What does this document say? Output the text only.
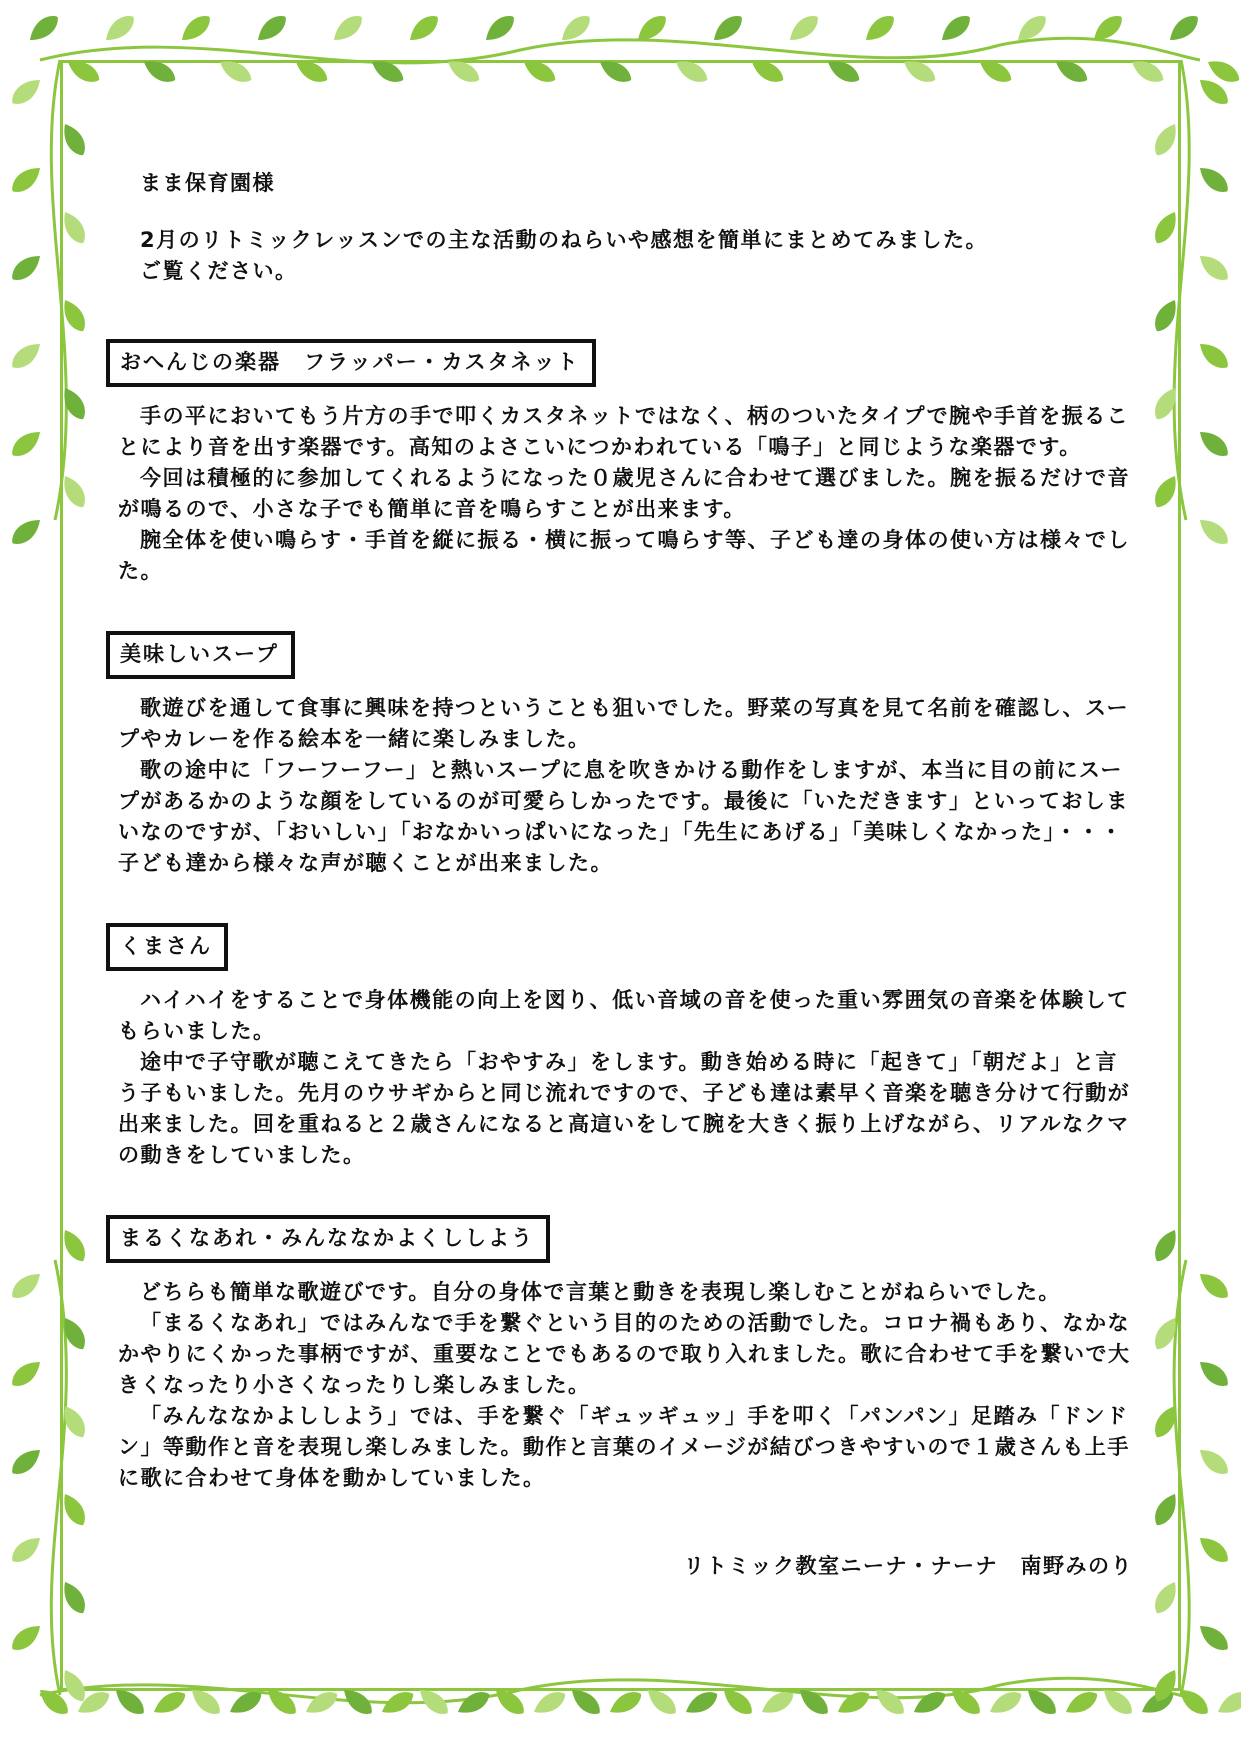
まま保育園様

2月のリトミックレッスンでの主な活動のねらいや感想を簡単にまとめてみました。

ご覧ください。

おへんじの楽器　フラッパー・カスタネット

手の平においてもう片方の手で叩くカスタネットではなく、柄のついたタイプで腕や手首を振ることにより音を出す楽器です。高知のよさこいにつかわれている「鳴子」と同じような楽器です。

今回は積極的に参加してくれるようになった０歳児さんに合わせて選びました。腕を振るだけで音が鳴るので、小さな子でも簡単に音を鳴らすことが出来ます。

腕全体を使い鳴らす・手首を縦に振る・横に振って鳴らす等、子ども達の身体の使い方は様々でした。

美味しいスープ

歌遊びを通して食事に興味を持つということも狙いでした。野菜の写真を見て名前を確認し、スープやカレーを作る絵本を一緒に楽しみました。

歌の途中に「フーフーフー」と熱いスープに息を吹きかける動作をしますが、本当に目の前にスープがあるかのような顔をしているのが可愛らしかったです。最後に「いただきます」といっておしまいなのですが、「おいしい」「おなかいっぱいになった」「先生にあげる」「美味しくなかった」・・・子ども達から様々な声が聴くことが出来ました。

くまさん

ハイハイをすることで身体機能の向上を図り、低い音域の音を使った重い雰囲気の音楽を体験してもらいました。

途中で子守歌が聴こえてきたら「おやすみ」をします。動き始める時に「起きて」「朝だよ」と言う子もいました。先月のウサギからと同じ流れですので、子ども達は素早く音楽を聴き分けて行動が出来ました。回を重ねると２歳さんになると高這いをして腕を大きく振り上げながら、リアルなクマの動きをしていました。

まるくなあれ・みんななかよくししよう

どちらも簡単な歌遊びです。自分の身体で言葉と動きを表現し楽しむことがねらいでした。

「まるくなあれ」ではみんなで手を繋ぐという目的のための活動でした。コロナ禍もあり、なかなかやりにくかった事柄ですが、重要なことでもあるので取り入れました。歌に合わせて手を繋いで大きくなったり小さくなったりし楽しみました。

「みんななかよししよう」では、手を繋ぐ「ギュッギュッ」手を叩く「パンパン」足踏み「ドンドン」等動作と音を表現し楽しみました。動作と言葉のイメージが結びつきやすいので１歳さんも上手に歌に合わせて身体を動かしていました。

リトミック教室ニーナ・ナーナ　南野みのり
